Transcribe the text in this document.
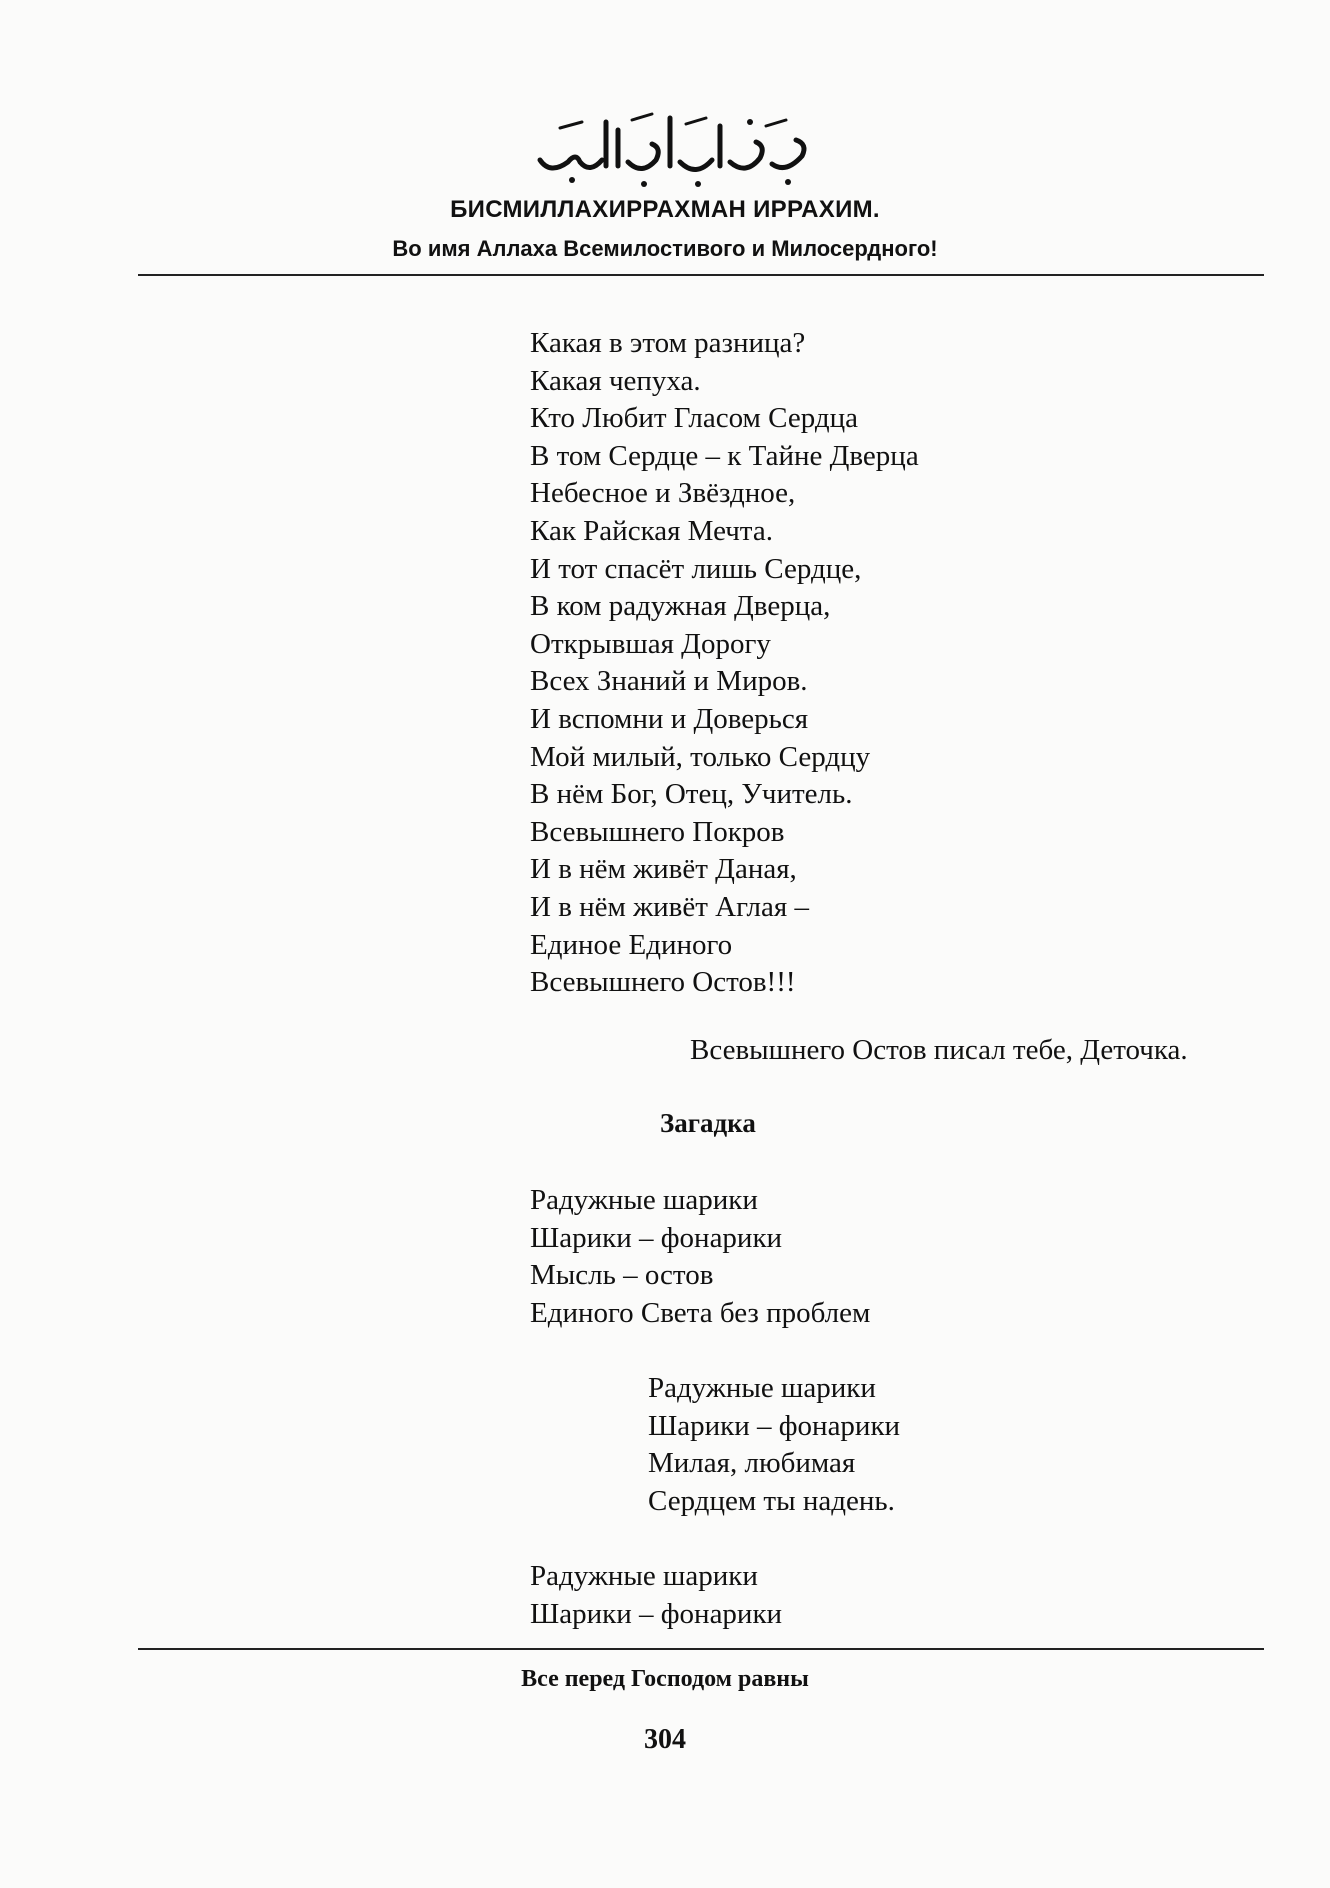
БИСМИЛЛАХИРРАХМАН ИРРАХИМ.
Во имя Аллаха Всемилостивого и Милосердного!
Какая в этом разница?
Какая чепуха.
Кто Любит Гласом Сердца
В том Сердце – к Тайне Дверца
Небесное и Звёздное,
Как Райская Мечта.
И тот спасёт лишь Сердце,
В ком радужная Дверца,
Открывшая Дорогу
Всех Знаний и Миров.
И вспомни и Доверься
Мой милый, только Сердцу
В нём Бог, Отец, Учитель.
Всевышнего Покров
И в нём живёт Даная,
И в нём живёт Аглая –
Единое Единого
Всевышнего Остов!!!
Всевышнего Остов писал тебе, Деточка.
Загадка
Радужные шарики
Шарики – фонарики
Мысль – остов
Единого Света без проблем
Радужные шарики
Шарики – фонарики
Милая, любимая
Сердцем ты надень.
Радужные шарики
Шарики – фонарики
Все перед Господом равны
304
